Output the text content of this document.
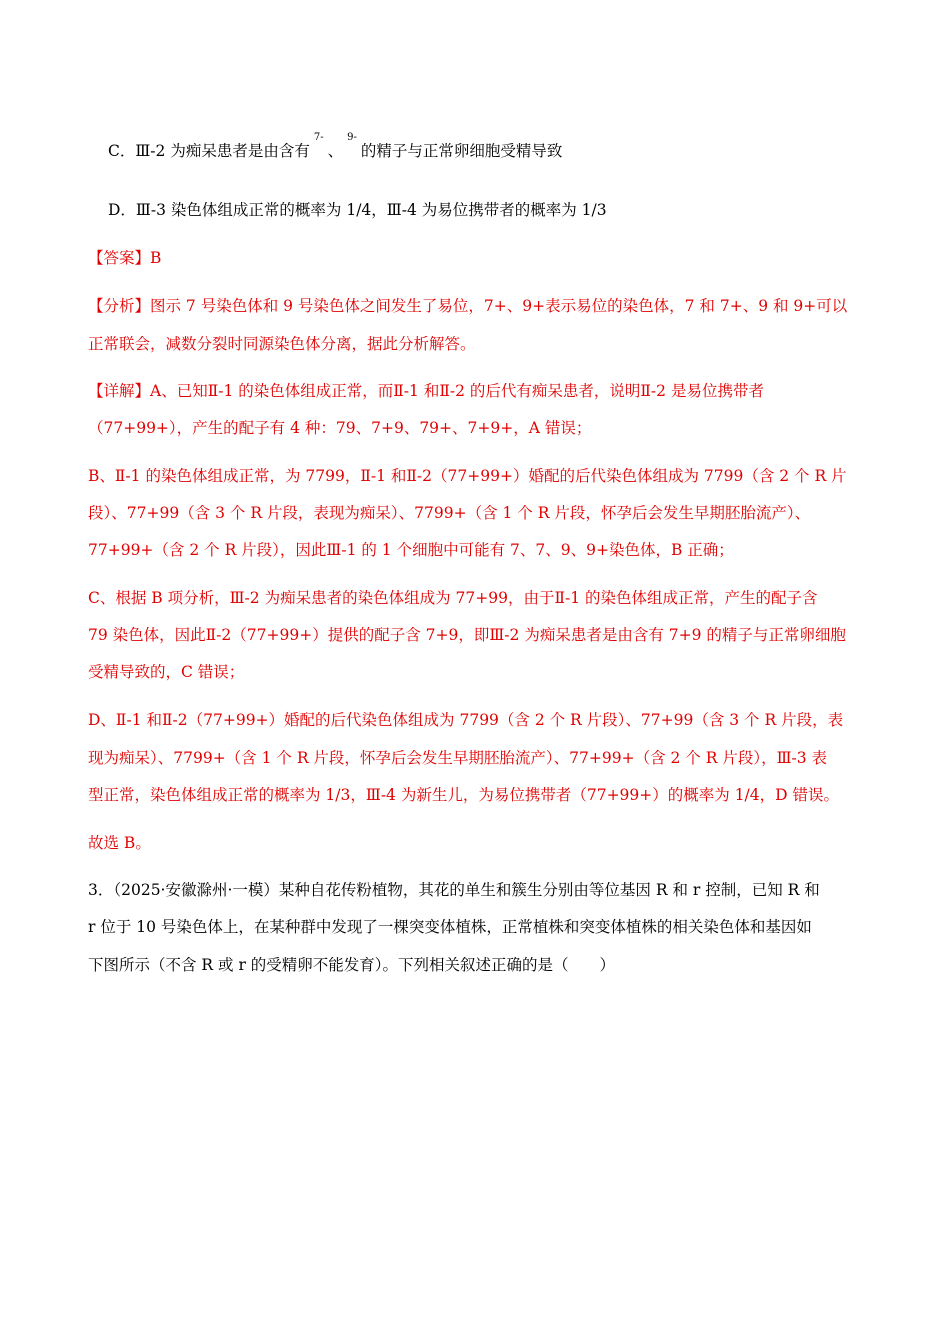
C．Ⅲ-2 为痴呆患者是由含有$^{7-}$、$^{9-}$的精子与正常卵细胞受精导致
D．Ⅲ-3 染色体组成正常的概率为 1/4，Ⅲ-4 为易位携带者的概率为 1/3
【答案】B
【分析】图示 7 号染色体和 9 号染色体之间发生了易位，7+、9+表示易位的染色体，7 和 7+、9 和 9+可以
正常联会，减数分裂时同源染色体分离，据此分析解答。
【详解】A、已知Ⅱ-1 的染色体组成正常，而Ⅱ-1 和Ⅱ-2 的后代有痴呆患者，说明Ⅱ-2 是易位携带者
（77+99+），产生的配子有 4 种：79、7+9、79+、7+9+，A 错误；
B、Ⅱ-1 的染色体组成正常，为 7799，Ⅱ-1 和Ⅱ-2（77+99+）婚配的后代染色体组成为 7799（含 2 个 R 片
段）、77+99（含 3 个 R 片段，表现为痴呆）、7799+（含 1 个 R 片段，怀孕后会发生早期胚胎流产）、
77+99+（含 2 个 R 片段），因此Ⅲ-1 的 1 个细胞中可能有 7、7、9、9+染色体，B 正确；
C、根据 B 项分析，Ⅲ-2 为痴呆患者的染色体组成为 77+99，由于Ⅱ-1 的染色体组成正常，产生的配子含
79 染色体，因此Ⅱ-2（77+99+）提供的配子含 7+9，即Ⅲ-2 为痴呆患者是由含有 7+9 的精子与正常卵细胞
受精导致的，C 错误；
D、Ⅱ-1 和Ⅱ-2（77+99+）婚配的后代染色体组成为 7799（含 2 个 R 片段）、77+99（含 3 个 R 片段，表
现为痴呆）、7799+（含 1 个 R 片段，怀孕后会发生早期胚胎流产）、77+99+（含 2 个 R 片段），Ⅲ-3 表
型正常，染色体组成正常的概率为 1/3，Ⅲ-4 为新生儿，为易位携带者（77+99+）的概率为 1/4，D 错误。
故选 B。
3．（2025·安徽滁州·一模）某种自花传粉植物，其花的单生和簇生分别由等位基因 R 和 r 控制，已知 R 和
r 位于 10 号染色体上，在某种群中发现了一棵突变体植株，正常植株和突变体植株的相关染色体和基因如
下图所示（不含 R 或 r 的受精卵不能发育）。下列相关叙述正确的是（　　）
